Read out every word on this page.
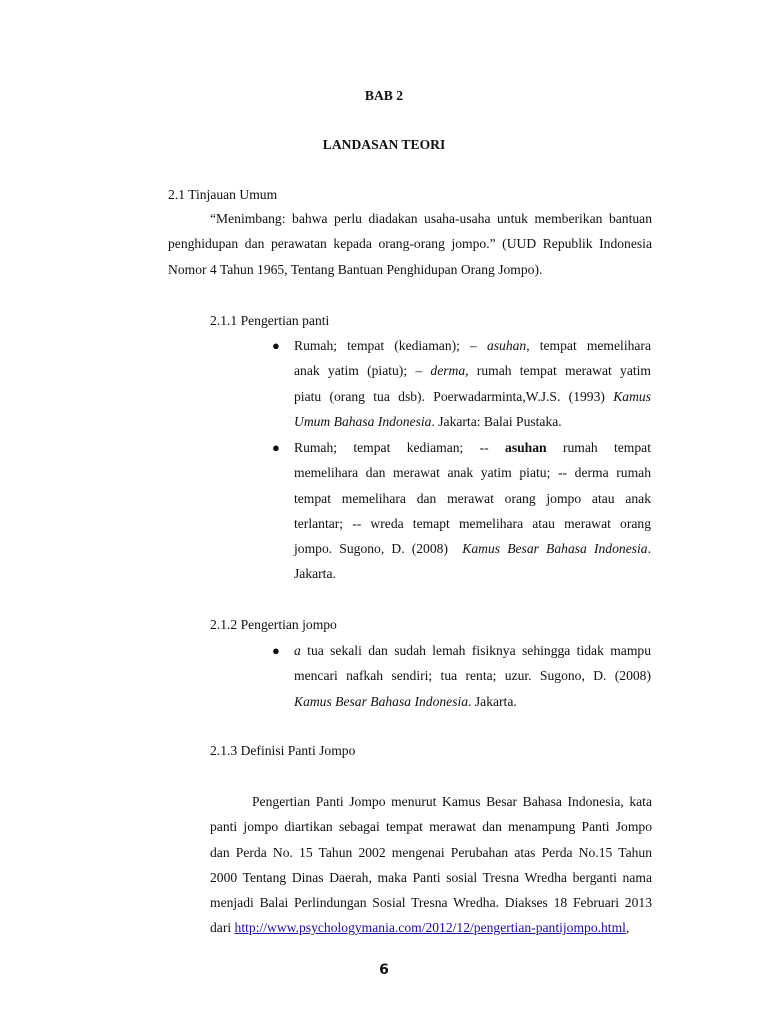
BAB 2
LANDASAN TEORI
2.1 Tinjauan Umum
“Menimbang: bahwa perlu diadakan usaha-usaha untuk memberikan bantuan
penghidupan dan perawatan kepada orang-orang jompo.” (UUD Republik Indonesia
Nomor 4 Tahun 1965, Tentang Bantuan Penghidupan Orang Jompo).
2.1.1 Pengertian panti
● Rumah; tempat (kediaman); – asuhan, tempat memelihara
anak yatim (piatu); – derma, rumah tempat merawat yatim
piatu (orang tua dsb). Poerwadarminta,W.J.S. (1993) Kamus
Umum Bahasa Indonesia. Jakarta: Balai Pustaka.
● Rumah; tempat kediaman; -- asuhan rumah tempat
memelihara dan merawat anak yatim piatu; -- derma rumah
tempat memelihara dan merawat orang jompo atau anak
terlantar; -- wreda temapt memelihara atau merawat orang
jompo. Sugono, D. (2008) Kamus Besar Bahasa Indonesia.
Jakarta.
2.1.2 Pengertian jompo
● a tua sekali dan sudah lemah fisiknya sehingga tidak mampu
mencari nafkah sendiri; tua renta; uzur. Sugono, D. (2008)
Kamus Besar Bahasa Indonesia. Jakarta.
2.1.3 Definisi Panti Jompo
Pengertian Panti Jompo menurut Kamus Besar Bahasa Indonesia, kata
panti jompo diartikan sebagai tempat merawat dan menampung Panti Jompo
dan Perda No. 15 Tahun 2002 mengenai Perubahan atas Perda No.15 Tahun
2000 Tentang Dinas Daerah, maka Panti sosial Tresna Wredha berganti nama
menjadi Balai Perlindungan Sosial Tresna Wredha. Diakses 18 Februari 2013
dari http://www.psychologymania.com/2012/12/pengertian-pantijompo.html,
6
